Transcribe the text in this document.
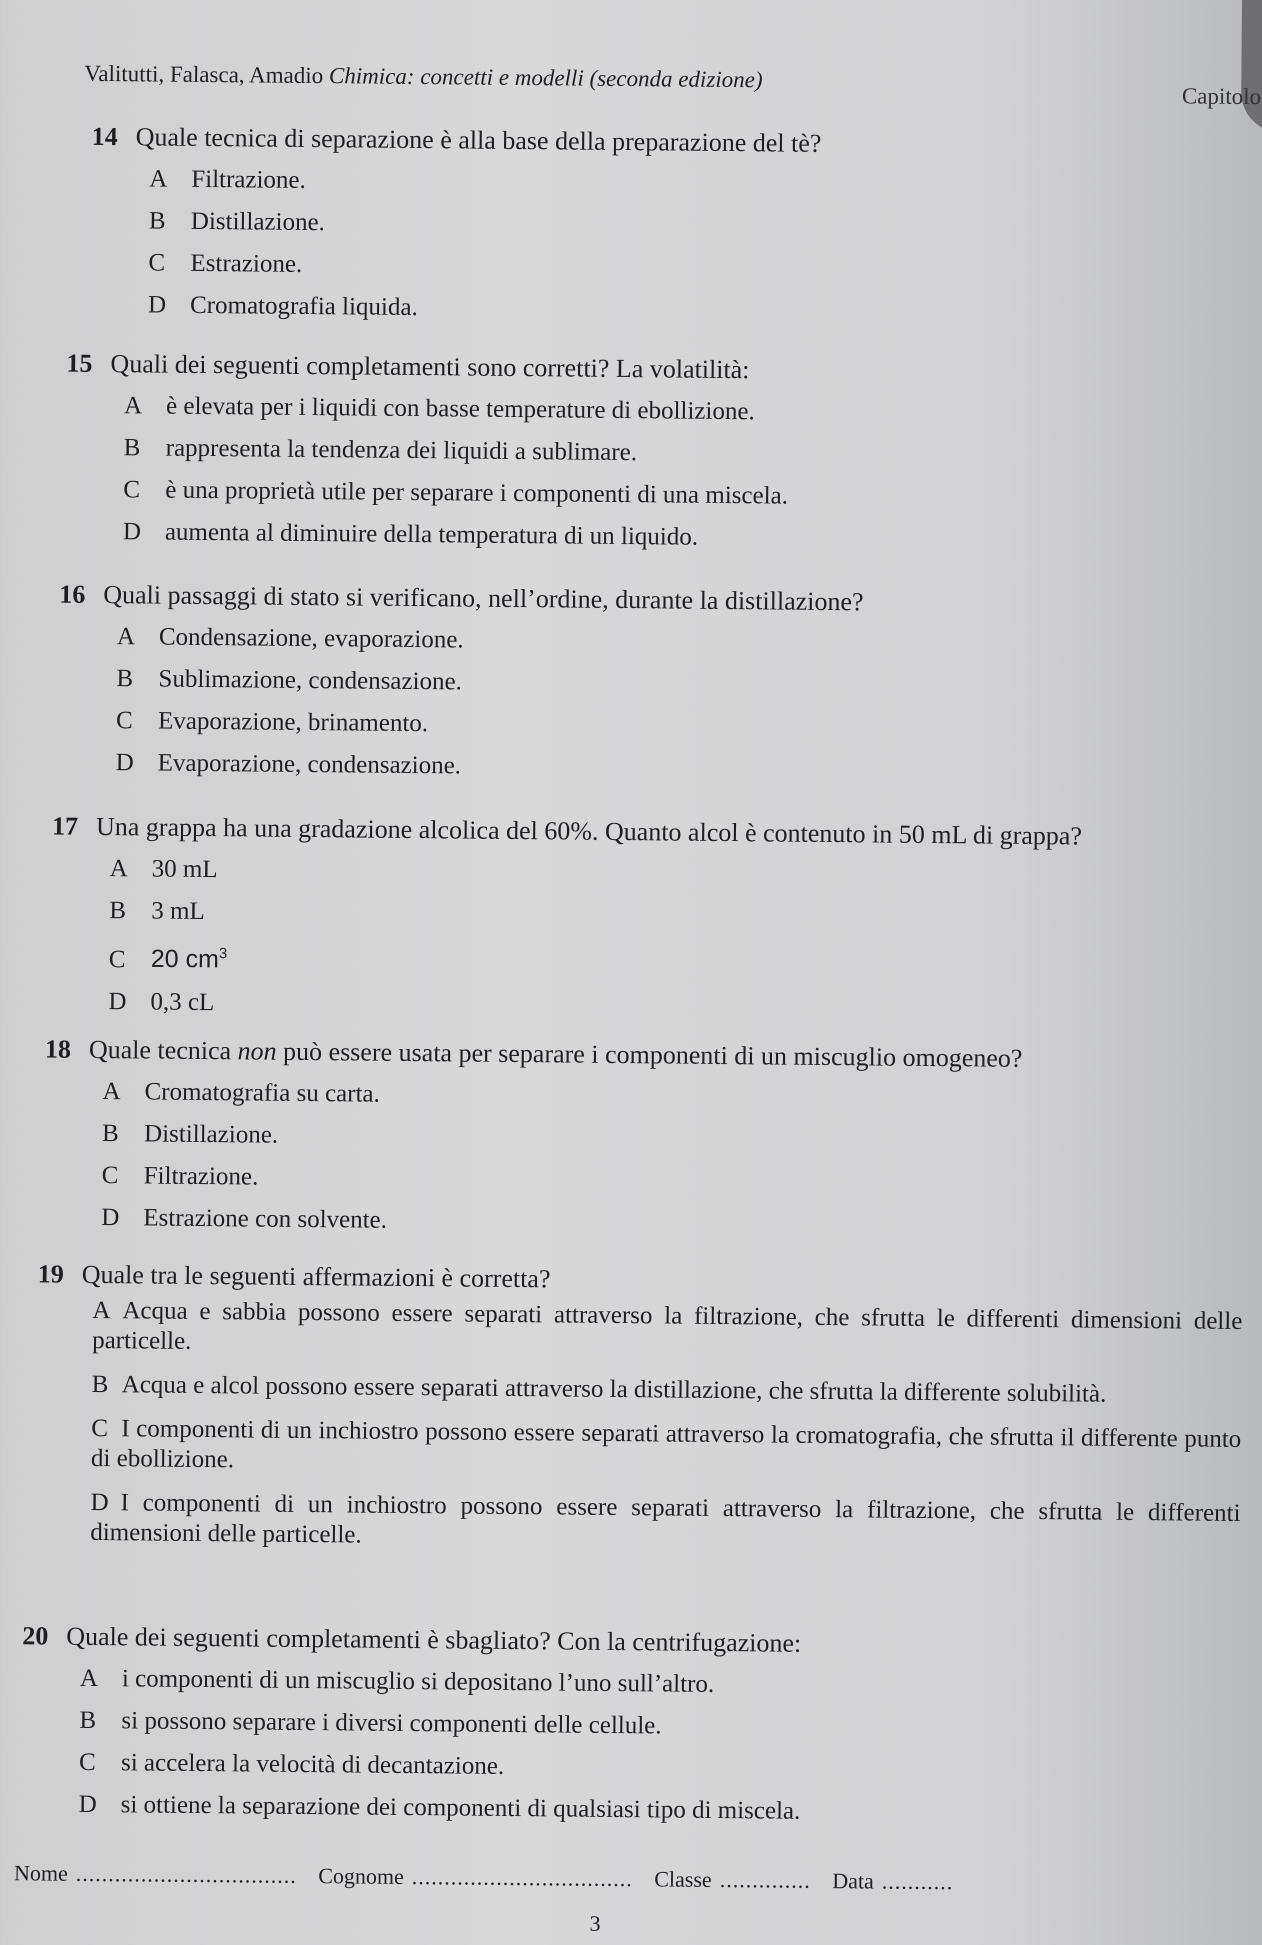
Valitutti, Falasca, Amadio Chimica: concetti e modelli (seconda edizione)
Capitolo
14 Quale tecnica di separazione è alla base della preparazione del tè?
A Filtrazione.
B Distillazione.
C Estrazione.
D Cromatografia liquida.
15 Quali dei seguenti completamenti sono corretti? La volatilità:
A è elevata per i liquidi con basse temperature di ebollizione.
B rappresenta la tendenza dei liquidi a sublimare.
C è una proprietà utile per separare i componenti di una miscela.
D aumenta al diminuire della temperatura di un liquido.
16 Quali passaggi di stato si verificano, nell’ordine, durante la distillazione?
A Condensazione, evaporazione.
B Sublimazione, condensazione.
C Evaporazione, brinamento.
D Evaporazione, condensazione.
17 Una grappa ha una gradazione alcolica del 60%. Quanto alcol è contenuto in 50 mL di grappa?
A 30 mL
B 3 mL
C 20 $cm^3$
D 0,3 cL
18 Quale tecnica non può essere usata per separare i componenti di un miscuglio omogeneo?
A Cromatografia su carta.
B Distillazione.
C Filtrazione.
D Estrazione con solvente.
19 Quale tra le seguenti affermazioni è corretta?
A Acqua e sabbia possono essere separati attraverso la filtrazione, che sfrutta le differenti dimensioni delle particelle.
B Acqua e alcol possono essere separati attraverso la distillazione, che sfrutta la differente solubilità.
C I componenti di un inchiostro possono essere separati attraverso la cromatografia, che sfrutta il differente punto di ebollizione.
D I componenti di un inchiostro possono essere separati attraverso la filtrazione, che sfrutta le differenti dimensioni delle particelle.
20 Quale dei seguenti completamenti è sbagliato? Con la centrifugazione:
A i componenti di un miscuglio si depositano l’uno sull’altro.
B si possono separare i diversi componenti delle cellule.
C si accelera la velocità di decantazione.
D si ottiene la separazione dei componenti di qualsiasi tipo di miscela.
Nome .................................. Cognome .................................. Classe .............. Data ...........
3
